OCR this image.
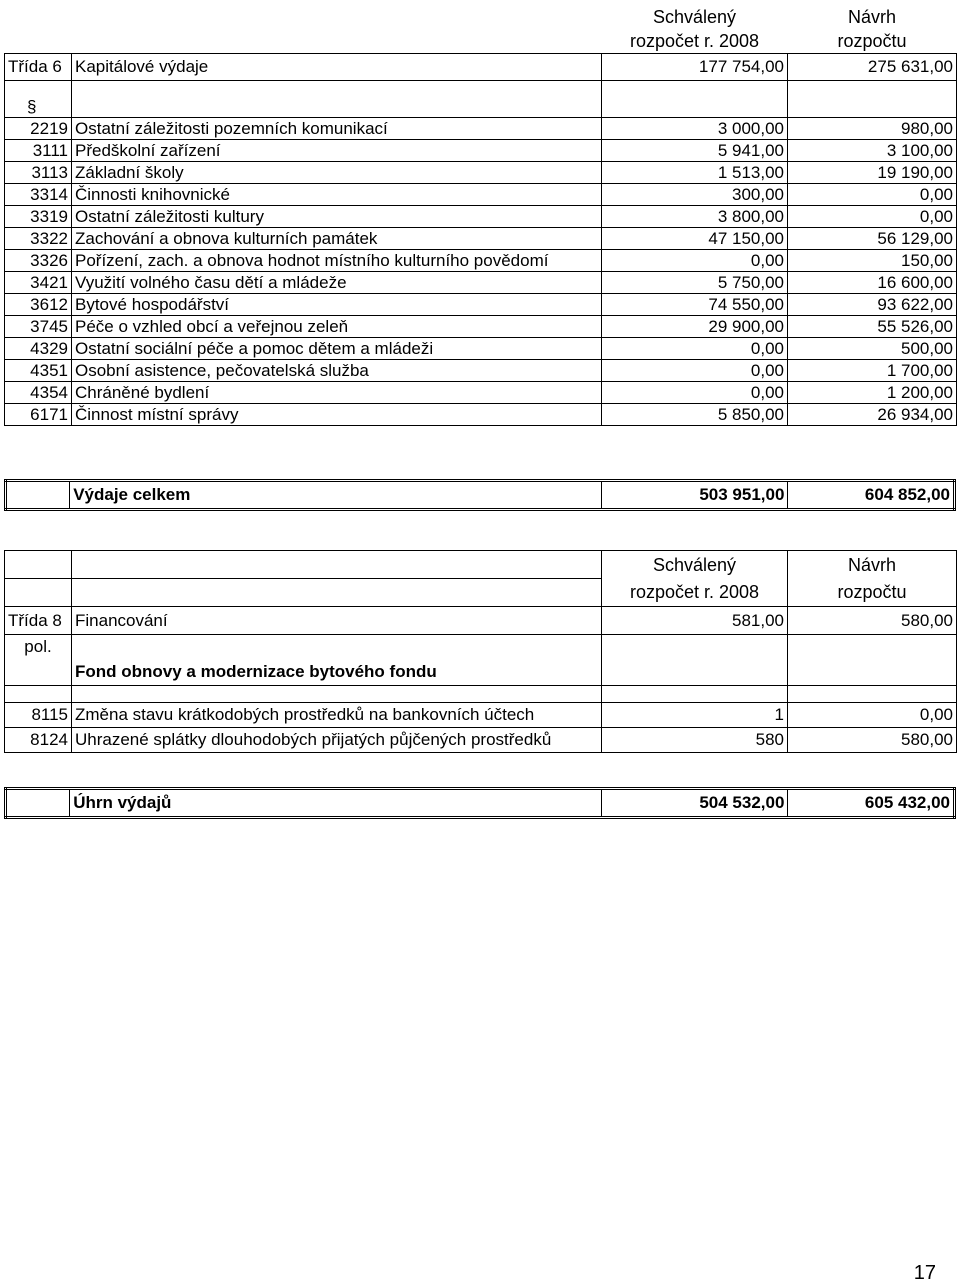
		Schválený	Návrh
		rozpočet r. 2008	rozpočtu
Třída 6	Kapitálové výdaje	177 754,00	275 631,00
§			
2219	Ostatní záležitosti pozemních komunikací	3 000,00	980,00
3111	Předškolní zařízení	5 941,00	3 100,00
3113	Základní školy	1 513,00	19 190,00
3314	Činnosti knihovnické	300,00	0,00
3319	Ostatní záležitosti kultury	3 800,00	0,00
3322	Zachování a obnova kulturních památek	47 150,00	56 129,00
3326	Pořízení, zach. a obnova hodnot místního kulturního povědomí	0,00	150,00
3421	Využití volného času dětí a mládeže	5 750,00	16 600,00
3612	Bytové hospodářství	74 550,00	93 622,00
3745	Péče o vzhled obcí a veřejnou zeleň	29 900,00	55 526,00
4329	Ostatní sociální péče a pomoc dětem a mládeži	0,00	500,00
4351	Osobní asistence, pečovatelská služba	0,00	1 700,00
4354	Chráněné bydlení	0,00	1 200,00
6171	Činnost místní správy	5 850,00	26 934,00
	Výdaje celkem	503 951,00	604 852,00
		Schválený	Návrh
		rozpočet r. 2008	rozpočtu
Třída 8	Financování	581,00	580,00
pol.			
	Fond obnovy a modernizace bytového fondu		

8115	Změna stavu krátkodobých prostředků na bankovních účtech	1	0,00
8124	Uhrazené splátky dlouhodobých přijatých půjčených prostředků	580	580,00
	Úhrn výdajů	504 532,00	605 432,00
17
